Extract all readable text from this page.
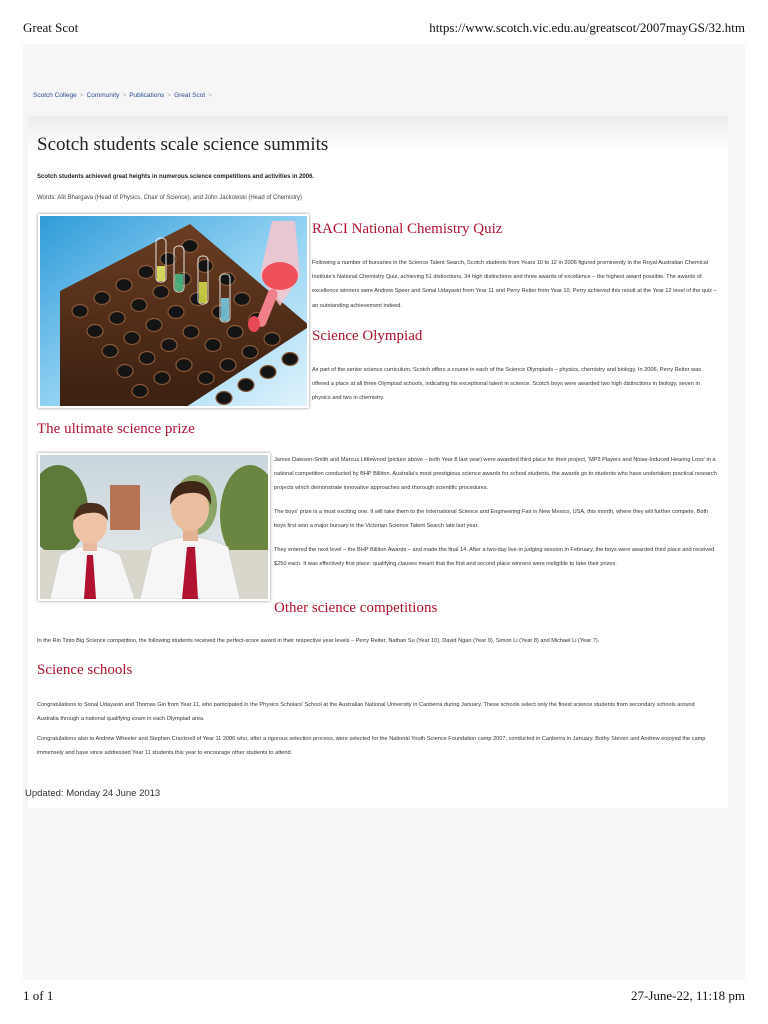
Great Scot	https://www.scotch.vic.edu.au/greatscot/2007mayGS/32.htm
Scotch College > Community > Publications > Great Scot >
Scotch students scale science summits

Scotch students achieved great heights in numerous science competitions and activities in 2006.

Words: Atit Bhargava (Head of Physics, Chair of Science), and John Jackowski (Head of Chemistry)

RACI National Chemistry Quiz

Following a number of bursaries in the Science Talent Search, Scotch students from Years 10 to 12 in 2006 figured prominently in the Royal Australian Chemical Institute's National Chemistry Quiz, achieving 51 distinctions, 34 high distinctions and three awards of excellence – the highest award possible. The awards of excellence winners were Andrew Speer and Sonal Udayasiri from Year 11 and Perry Reiter from Year 10. Perry achieved this result at the Year 12 level of the quiz – an outstanding achievement indeed.

Science Olympiad

As part of the senior science curriculum, Scotch offers a course in each of the Science Olympiads – physics, chemistry and biology. In 2006, Perry Reiter was offered a place at all three Olympiad schools, indicating his exceptional talent in science. Scotch boys were awarded two high distinctions in biology, seven in physics and two in chemistry.

The ultimate science prize

James Dawson-Smith and Marcus Littlewood (picture above – both Year 8 last year) were awarded third place for their project, 'MP3 Players and Noise-Induced Hearing Loss' in a national competition conducted by BHP Billiton. Australia's most prestigious science awards for school students, the awards go to students who have undertaken practical research projects which demonstrate innovative approaches and thorough scientific procedures.

The boys' prize is a most exciting one. It will take them to the International Science and Engineering Fair in New Mexico, USA, this month, where they will further compete. Both boys first won a major bursary in the Victorian Science Talent Search late last year.

They entered the next level – the BHP Billiton Awards – and made the final 14. After a two-day live-in judging session in February, the boys were awarded third place and received $250 each. It was effectively first place: qualifying clauses meant that the first and second place winners were ineligible to take their prizes.

Other science competitions

In the Rio Tinto Big Science competition, the following students received the perfect-score award in their respective year levels – Perry Reiter, Nathan Su (Year 10), David Ngan (Year 9), Simon Li (Year 8) and Michael Li (Year 7).

Science schools

Congratulations to Sonal Udayasiri and Thomas Gin from Year 11, who participated in the Physics Scholars' School at the Australian National University in Canberra during January. These schools select only the finest science students from secondary schools around Australia through a national qualifying exam in each Olympiad area.

Congratulations also to Andrew Wheeler and Stephen Cracknell of Year 11 2006 who, after a rigorous selection process, were selected for the National Youth Science Foundation camp 2007, conducted in Canberra in January. Bothy Steven and Andrew enjoyed the camp immensely and have since addressed Year 11 students this year to encourage other students to attend.

Updated: Monday 24 June 2013
1 of 1	27-June-22, 11:18 pm
